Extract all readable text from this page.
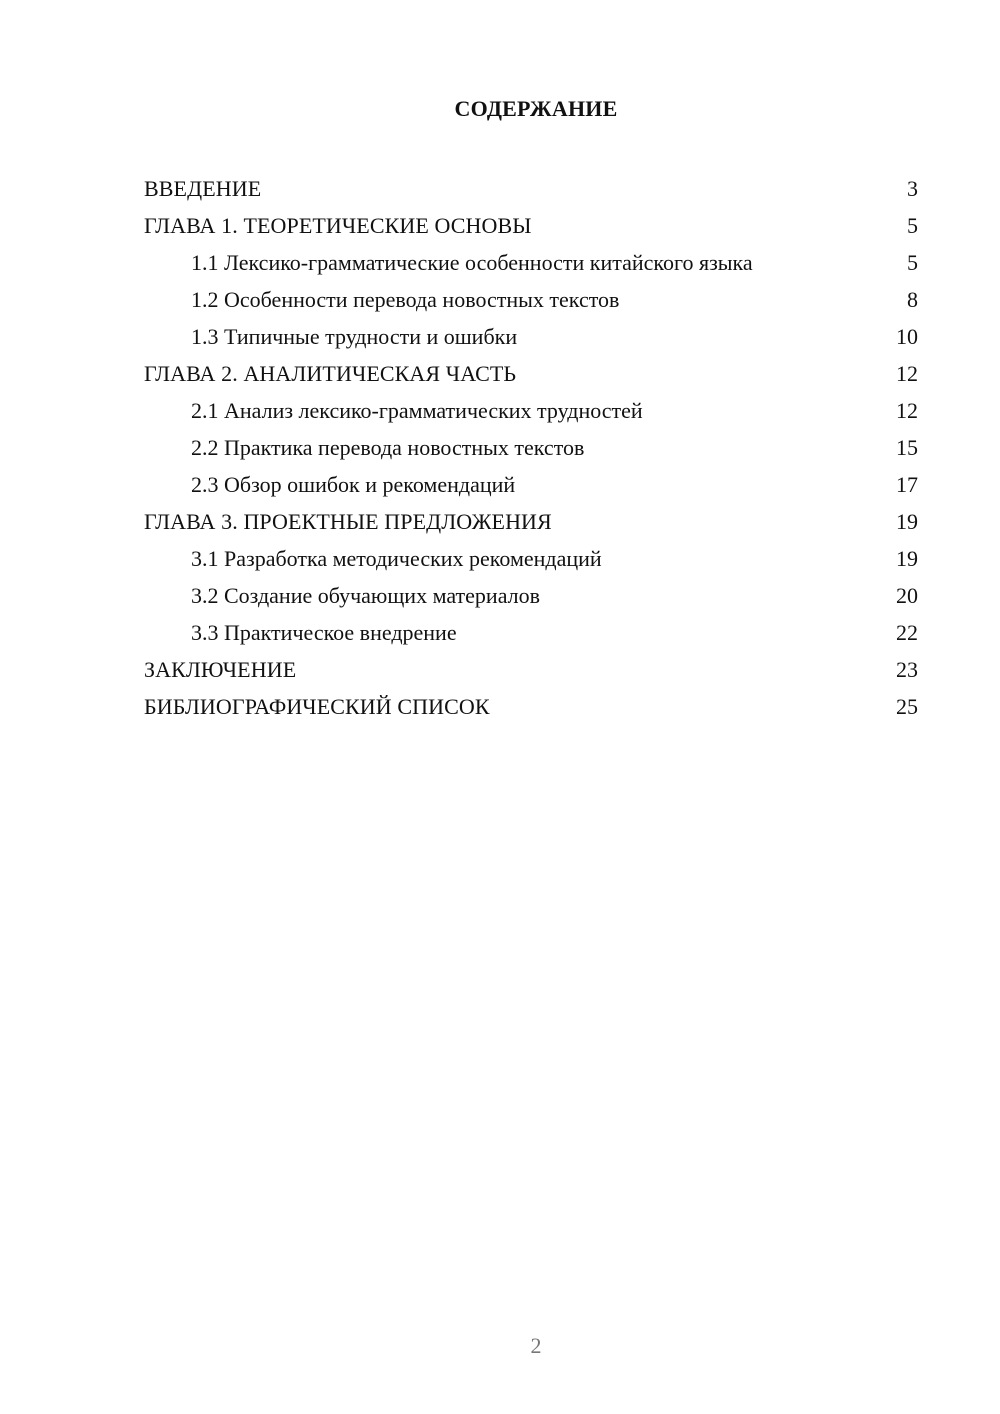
СОДЕРЖАНИЕ
ВВЕДЕНИЕ	3
ГЛАВА 1. ТЕОРЕТИЧЕСКИЕ ОСНОВЫ	5
1.1 Лексико-грамматические особенности китайского языка	5
1.2 Особенности перевода новостных текстов	8
1.3 Типичные трудности и ошибки	10
ГЛАВА 2. АНАЛИТИЧЕСКАЯ ЧАСТЬ	12
2.1 Анализ лексико-грамматических трудностей	12
2.2 Практика перевода новостных текстов	15
2.3 Обзор ошибок и рекомендаций	17
ГЛАВА 3. ПРОЕКТНЫЕ ПРЕДЛОЖЕНИЯ	19
3.1 Разработка методических рекомендаций	19
3.2 Создание обучающих материалов	20
3.3 Практическое внедрение	22
ЗАКЛЮЧЕНИЕ	23
БИБЛИОГРАФИЧЕСКИЙ СПИСОК	25
2
